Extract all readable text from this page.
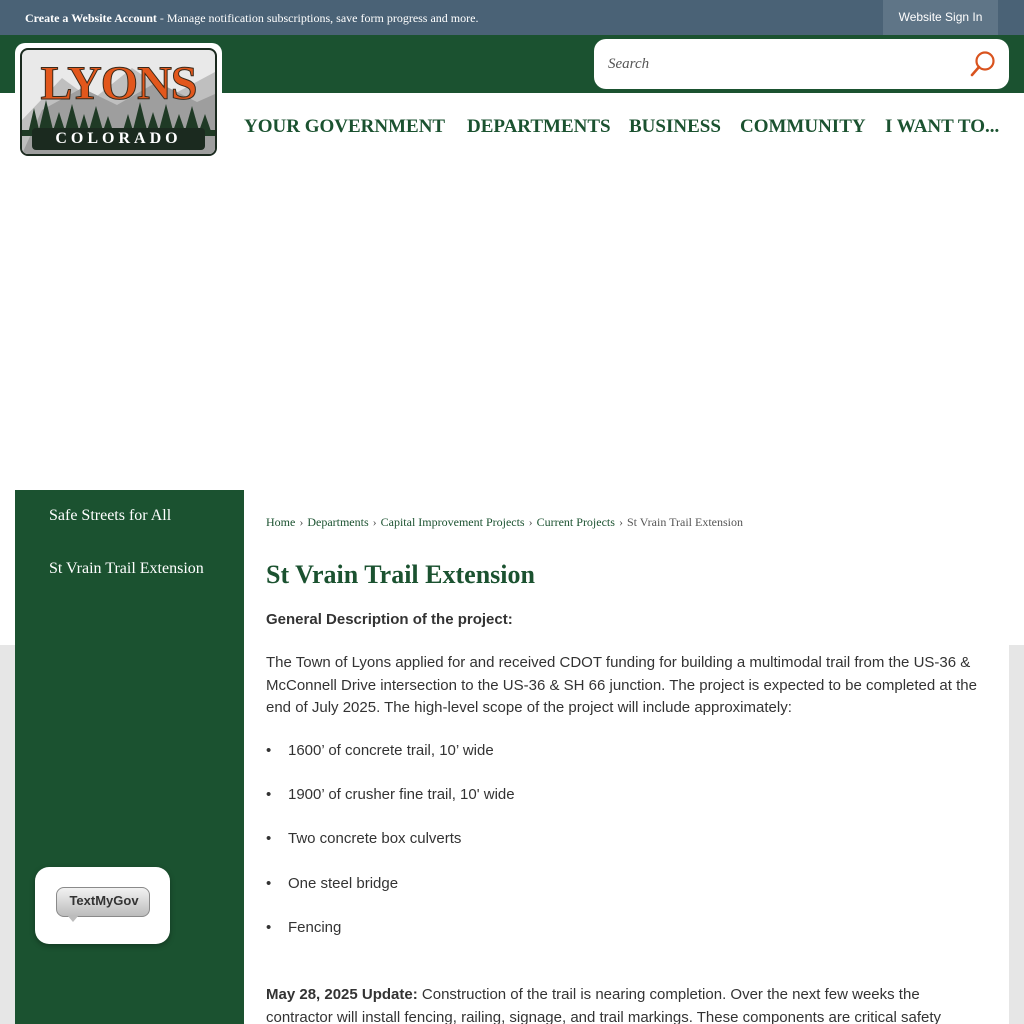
Create a Website Account - Manage notification subscriptions, save form progress and more.	Website Sign In
Search
LYONS
COLORADO
YOUR GOVERNMENT DEPARTMENTS BUSINESS COMMUNITY I WANT TO...
Safe Streets for All
St Vrain Trail Extension
TextMyGov
Home › Departments › Capital Improvement Projects › Current Projects › St Vrain Trail Extension
St Vrain Trail Extension
General Description of the project:
The Town of Lyons applied for and received CDOT funding for building a multimodal trail from the US-36 & McConnell Drive intersection to the US-36 & SH 66 junction. The project is expected to be completed at the end of July 2025. The high-level scope of the project will include approximately:
• 1600’ of concrete trail, 10’ wide
• 1900’ of crusher fine trail, 10' wide
• Two concrete box culverts
• One steel bridge
• Fencing
May 28, 2025 Update: Construction of the trail is nearing completion. Over the next few weeks the contractor will install fencing, railing, signage, and trail markings. These components are critical safety
